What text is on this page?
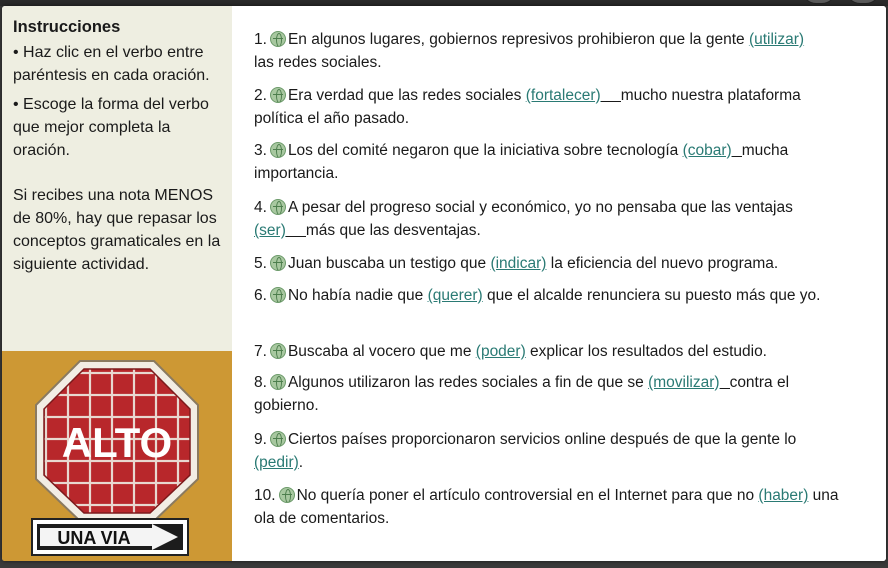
Instrucciones
• Haz clic en el verbo entre paréntesis en cada oración.
• Escoge la forma del verbo que mejor completa la oración.
Si recibes una nota MENOS de 80%, hay que repasar los conceptos gramaticales en la siguiente actividad.
ALTO
UNA VIA
1. En algunos lugares, gobiernos represivos prohibieron que la gente (utilizar)
las redes sociales.
2. Era verdad que las redes sociales (fortalecer) mucho nuestra plataforma política el año pasado.
3. Los del comité negaron que la iniciativa sobre tecnología (cobar) mucha importancia.
4. A pesar del progreso social y económico, yo no pensaba que las ventajas
(ser) más que las desventajas.
5. Juan buscaba un testigo que (indicar) la eficiencia del nuevo programa.
6. No había nadie que (querer) que el alcalde renunciera su puesto más que yo.
7. Buscaba al vocero que me (poder) explicar los resultados del estudio.
8. Algunos utilizaron las redes sociales a fin de que se (movilizar) contra el gobierno.
9. Ciertos países proporcionaron servicios online después de que la gente lo
(pedir).
10. No quería poner el artículo controversial en el Internet para que no (haber) una ola de comentarios.
